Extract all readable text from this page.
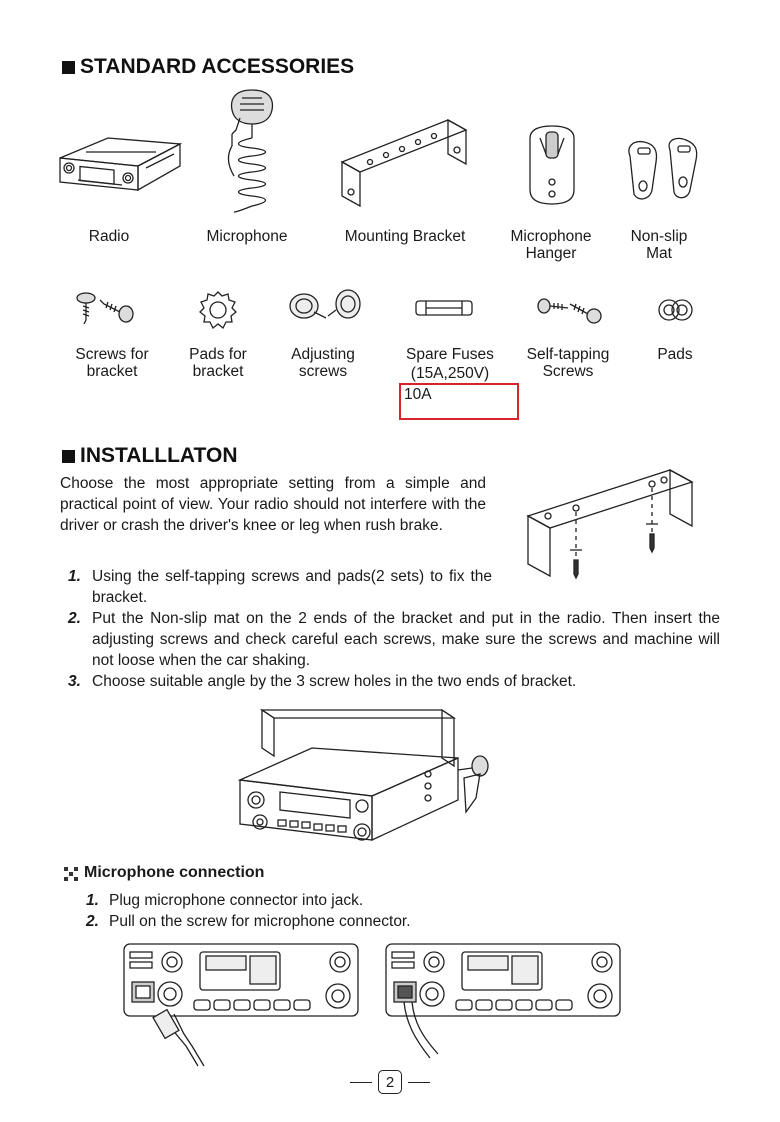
STANDARD ACCESSORIES
Radio	Microphone	Mounting Bracket	Microphone
Hanger
Non-slip
Mat
Screws for
bracket
Pads for
bracket
Adjusting
screws
Spare Fuses
(15A,250V)
Self-tapping
Screws
Pads
10A
INSTALLLATON
Choose the most appropriate setting from a simple and practical point of view. Your radio should not interfere with the driver or crash the driver's knee or leg when rush brake.
1. Using the self-tapping screws and pads(2 sets) to fix the bracket.
2. Put the Non-slip mat on the 2 ends of the bracket and put in the radio. Then insert the adjusting screws and check careful each screws, make sure the screws and machine will not loose when the car shaking.
3. Choose suitable angle by the 3 screw holes in the two ends of bracket.
Microphone connection
1. Plug microphone connector into jack.
2. Pull on the screw for microphone connector.
2
